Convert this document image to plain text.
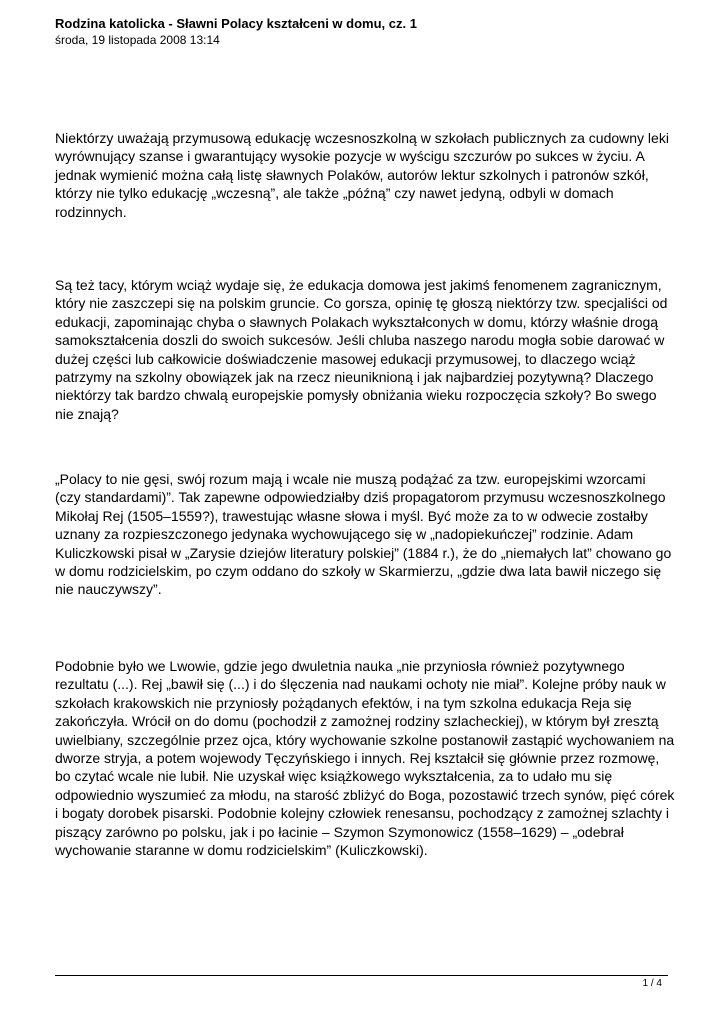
Rodzina katolicka - Sławni Polacy kształceni w domu, cz. 1
środa, 19 listopada 2008 13:14

Niektórzy uważają przymusową edukację wczesnoszkolną w szkołach publicznych za cudowny leki wyrównujący szanse i gwarantujący wysokie pozycje w wyścigu szczurów po sukces w życiu. A jednak wymienić można całą listę sławnych Polaków, autorów lektur szkolnych i patronów szkół, którzy nie tylko edukację „wczesną”, ale także „późną” czy nawet jedyną, odbyli w domach rodzinnych.

Są też tacy, którym wciąż wydaje się, że edukacja domowa jest jakimś fenomenem zagranicznym, który nie zaszczepi się na polskim gruncie. Co gorsza, opinię tę głoszą niektórzy tzw. specjaliści od edukacji, zapominając chyba o sławnych Polakach wykształconych w domu, którzy właśnie drogą samokształcenia doszli do swoich sukcesów. Jeśli chluba naszego narodu mogła sobie darować w dużej części lub całkowicie doświadczenie masowej edukacji przymusowej, to dlaczego wciąż patrzymy na szkolny obowiązek jak na rzecz nieuniknioną i jak najbardziej pozytywną? Dlaczego niektórzy tak bardzo chwalą europejskie pomysły obniżania wieku rozpoczęcia szkoły? Bo swego nie znają?

„Polacy to nie gęsi, swój rozum mają i wcale nie muszą podążać za tzw. europejskimi wzorcami (czy standardami)”. Tak zapewne odpowiedziałby dziś propagatorom przymusu wczesnoszkolnego Mikołaj Rej (1505–1559?), trawestując własne słowa i myśl. Być może za to w odwecie zostałby uznany za rozpieszczonego jedynaka wychowującego się w „nadopiekuńczej” rodzinie. Adam Kuliczkowski pisał w „Zarysie dziejów literatury polskiej” (1884 r.), że do „niemałych lat” chowano go w domu rodzicielskim, po czym oddano do szkoły w Skarmierzu, „gdzie dwa lata bawił niczego się nie nauczywszy”.

Podobnie było we Lwowie, gdzie jego dwuletnia nauka „nie przyniosła również pozytywnego rezultatu (...). Rej „bawił się (...) i do ślęczenia nad naukami ochoty nie miał”. Kolejne próby nauk w szkołach krakowskich nie przyniosły pożądanych efektów, i na tym szkolna edukacja Reja się zakończyła. Wrócił on do domu (pochodził z zamożnej rodziny szlacheckiej), w którym był zresztą uwielbiany, szczególnie przez ojca, który wychowanie szkolne postanowił zastąpić wychowaniem na dworze stryja, a potem wojewody Tęczyńskiego i innych. Rej kształcił się głównie przez rozmowę, bo czytać wcale nie lubił. Nie uzyskał więc książkowego wykształcenia, za to udało mu się odpowiednio wyszumieć za młodu, na starość zbliżyć do Boga, pozostawić trzech synów, pięć córek i bogaty dorobek pisarski. Podobnie kolejny człowiek renesansu, pochodzący z zamożnej szlachty i piszący zarówno po polsku, jak i po łacinie – Szymon Szymonowicz (1558–1629) – „odebrał wychowanie staranne w domu rodzicielskim” (Kuliczkowski).

1 / 4
